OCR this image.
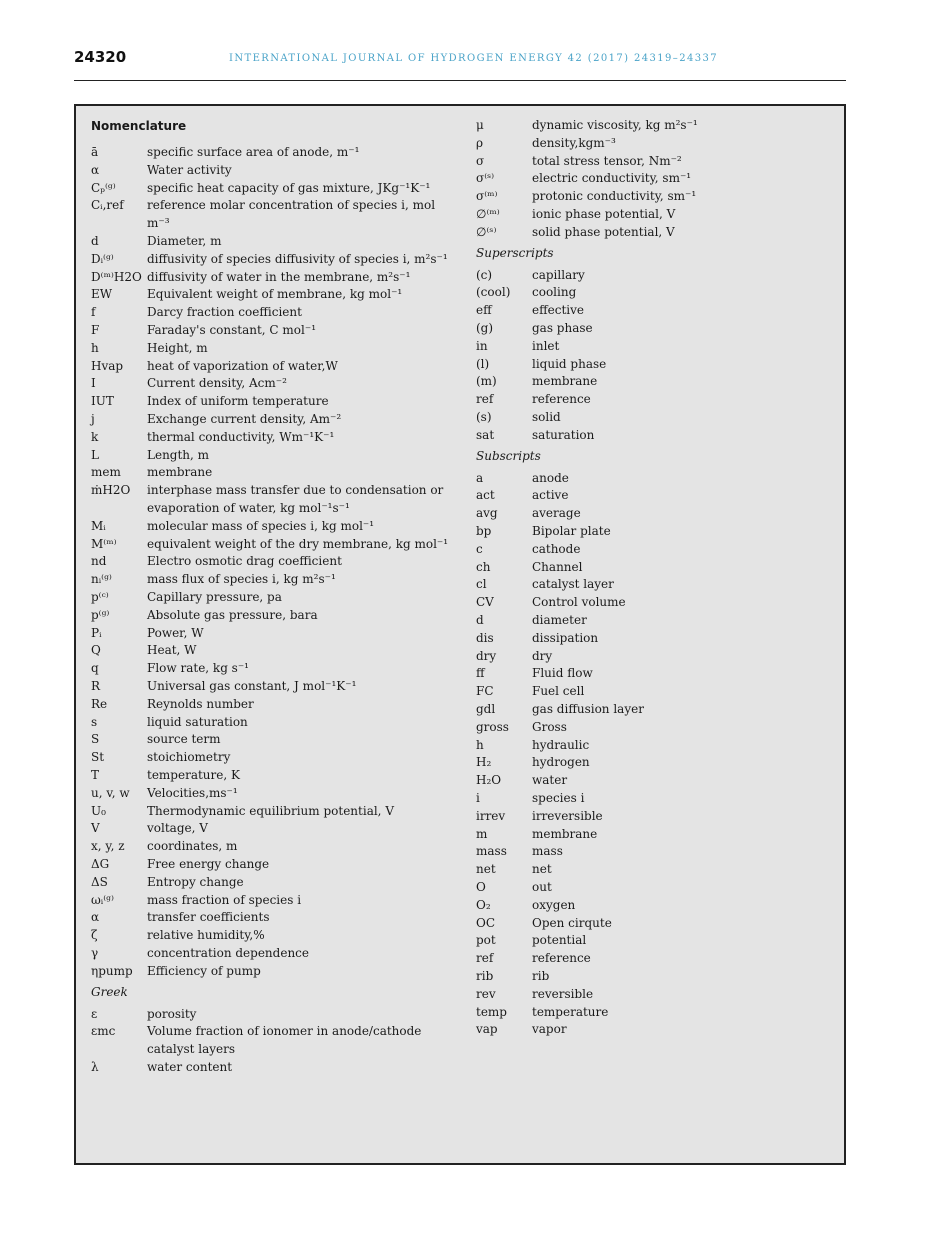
24320	INTERNATIONAL JOURNAL OF HYDROGEN ENERGY 42 (2017) 24319–24337
Nomenclature
ā	specific surface area of anode, m⁻¹
α	Water activity
Cₚ⁽ᵍ⁾	specific heat capacity of gas mixture, JKg⁻¹K⁻¹
Cᵢ,ref	reference molar concentration of species i, mol m⁻³
d	Diameter, m
Dᵢ⁽ᵍ⁾	diffusivity of species diffusivity of species i, m²s⁻¹
D⁽ᵐ⁾H2O diffusivity of water in the membrane, m²s⁻¹
EW	Equivalent weight of membrane, kg mol⁻¹
f	Darcy fraction coefficient
F	Faraday's constant, C mol⁻¹
h	Height, m
Hvap	heat of vaporization of water,W
I	Current density, Acm⁻²
IUT	Index of uniform temperature
j	Exchange current density, Am⁻²
k	thermal conductivity, Wm⁻¹K⁻¹
L	Length, m
mem	membrane
ṁH2O	interphase mass transfer due to condensation or evaporation of water, kg mol⁻¹s⁻¹
Mᵢ	molecular mass of species i, kg mol⁻¹
M⁽ᵐ⁾	equivalent weight of the dry membrane, kg mol⁻¹
nd	Electro osmotic drag coefficient
nᵢ⁽ᵍ⁾	mass flux of species i, kg m²s⁻¹
p⁽ᶜ⁾	Capillary pressure, pa
p⁽ᵍ⁾	Absolute gas pressure, bara
Pᵢ	Power, W
Q	Heat, W
q	Flow rate, kg s⁻¹
R	Universal gas constant, J mol⁻¹K⁻¹
Re	Reynolds number
s	liquid saturation
S	source term
St	stoichiometry
T	temperature, K
u, v, w	Velocities,ms⁻¹
U₀	Thermodynamic equilibrium potential, V
V	voltage, V
x, y, z	coordinates, m
ΔG	Free energy change
ΔS	Entropy change
ωᵢ⁽ᵍ⁾	mass fraction of species i
α	transfer coefficients
ζ	relative humidity,%
γ	concentration dependence
ηpump	Efficiency of pump
Greek
ε	porosity
εmc	Volume fraction of ionomer in anode/cathode catalyst layers
λ	water content
μ	dynamic viscosity, kg m²s⁻¹
ρ	density,kgm⁻³
σ	total stress tensor, Nm⁻²
σ⁽ˢ⁾	electric conductivity, sm⁻¹
σ⁽ᵐ⁾	protonic conductivity, sm⁻¹
∅⁽ᵐ⁾	ionic phase potential, V
∅⁽ˢ⁾	solid phase potential, V
Superscripts
(c)	capillary
(cool)	cooling
eff	effective
(g)	gas phase
in	inlet
(l)	liquid phase
(m)	membrane
ref	reference
(s)	solid
sat	saturation
Subscripts
a	anode
act	active
avg	average
bp	Bipolar plate
c	cathode
ch	Channel
cl	catalyst layer
CV	Control volume
d	diameter
dis	dissipation
dry	dry
ff	Fluid flow
FC	Fuel cell
gdl	gas diffusion layer
gross	Gross
h	hydraulic
H₂	hydrogen
H₂O	water
i	species i
irrev	irreversible
m	membrane
mass	mass
net	net
O	out
O₂	oxygen
OC	Open cirqute
pot	potential
ref	reference
rib	rib
rev	reversible
temp	temperature
vap	vapor
